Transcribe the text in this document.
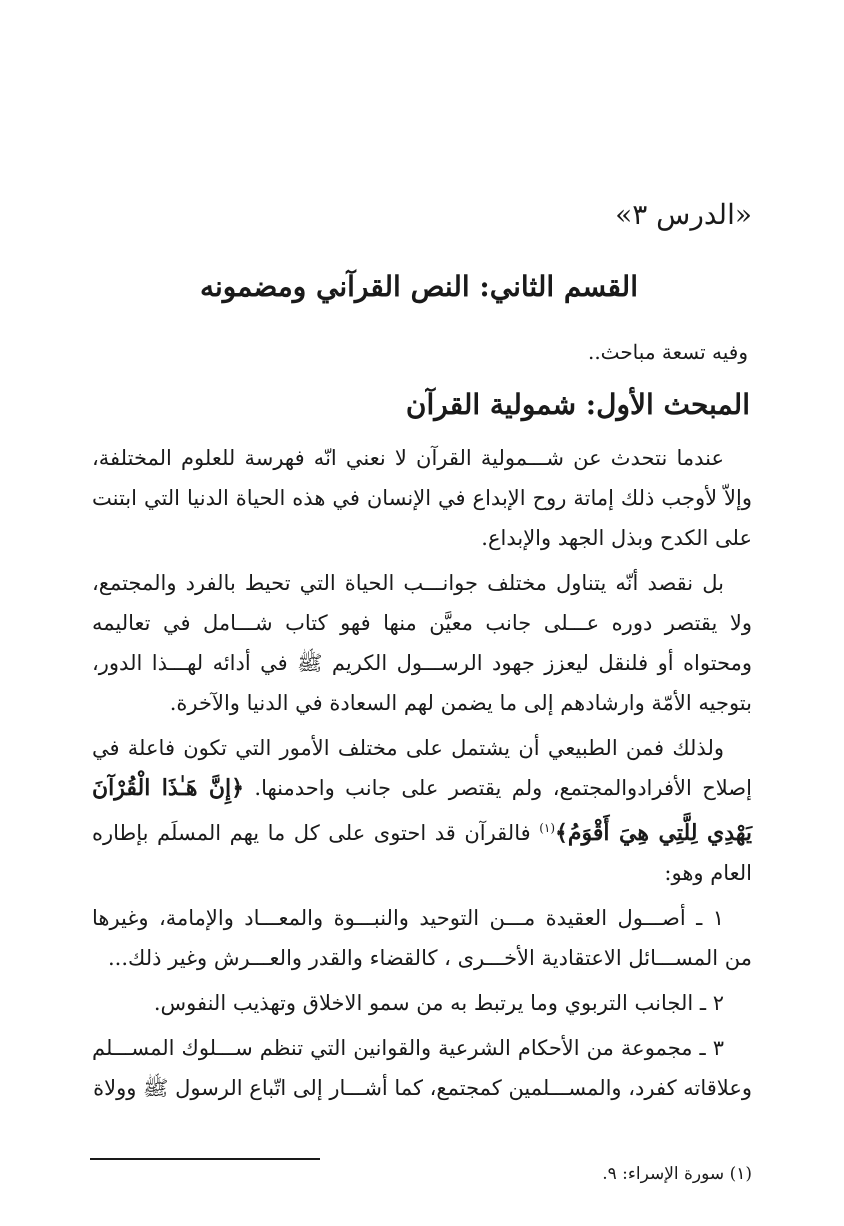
«الدرس ٣»
القسم الثاني: النص القرآني ومضمونه
وفيه تسعة مباحث..
المبحث الأول: شمولية القرآن

عندما نتحدث عن شـــمولية القرآن لا نعني انّه فهرسة للعلوم المختلفة، وإلاّ لأوجب ذلك إماتة روح الإبداع في الإنسان في هذه الحياة الدنيا التي ابتنت على الكدح وبذل الجهد والإبداع.

بل نقصد أنّه يتناول مختلف جوانـــب الحياة التي تحيط بالفرد والمجتمع، ولا يقتصر دوره عـــلى جانب معيَّن منها فهو كتاب شـــامل في تعاليمه ومحتواه أو فلنقل ليعزز جهود الرســـول الكريم ﷺ في أدائه لهـــذا الدور، بتوجيه الأمّة وارشادهم إلى ما يضمن لهم السعادة في الدنيا والآخرة.

ولذلك فمن الطبيعي أن يشتمل على مختلف الأمور التي تكون فاعلة في إصلاح الأفرادوالمجتمع، ولم يقتصر على جانب واحدمنها. ﴿إِنَّ هَـٰذَا الْقُرْآنَ يَهْدِي لِلَّتِي هِيَ أَقْوَمُ﴾$^{(١)}$ فالقرآن قد احتوى على كل ما يهم المسلَم بإطاره العام وهو:

١ ـ أصـــول العقيدة مـــن التوحيد والنبـــوة والمعـــاد والإمامة، وغيرها من المســـائل الاعتقادية الأخـــرى ، كالقضاء والقدر والعـــرش وغير ذلك...

٢ ـ الجانب التربوي وما يرتبط به من سمو الاخلاق وتهذيب النفوس.

٣ ـ مجموعة من الأحكام الشرعية والقوانين التي تنظم ســـلوك المســـلم وعلاقاته كفرد، والمســـلمين كمجتمع، كما أشـــار إلى اتّباع الرسول ﷺ وولاة

(١) سورة الإسراء: ٩.
